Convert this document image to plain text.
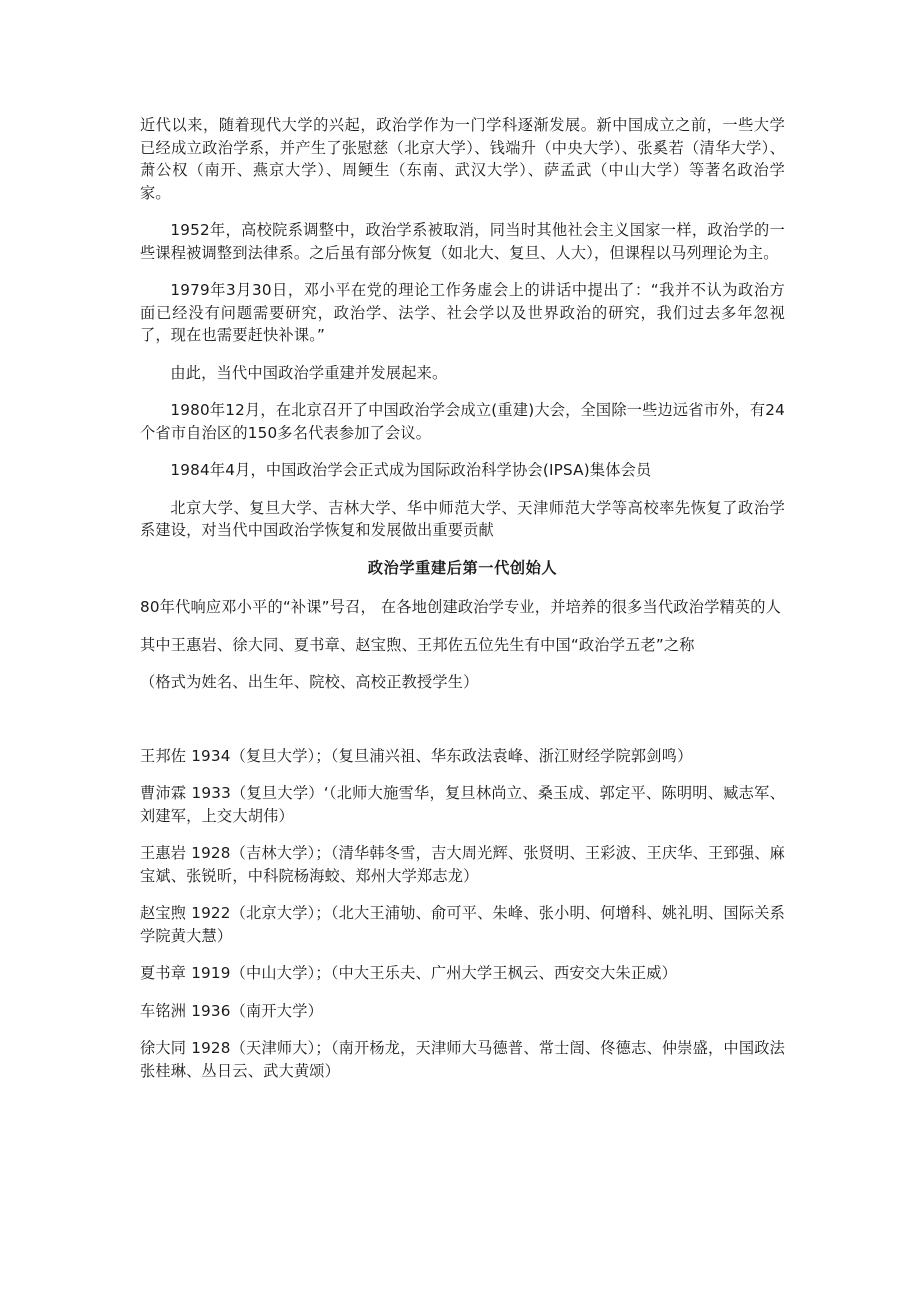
近代以来，随着现代大学的兴起，政治学作为一门学科逐渐发展。新中国成立之前，一些大学已经成立政治学系，并产生了张慰慈（北京大学）、钱端升（中央大学）、张奚若（清华大学）、萧公权（南开、燕京大学）、周鲠生（东南、武汉大学）、萨孟武（中山大学）等著名政治学家。

1952年，高校院系调整中，政治学系被取消，同当时其他社会主义国家一样，政治学的一些课程被调整到法律系。之后虽有部分恢复（如北大、复旦、人大），但课程以马列理论为主。

1979年3月30日，邓小平在党的理论工作务虚会上的讲话中提出了：“我并不认为政治方面已经没有问题需要研究，政治学、法学、社会学以及世界政治的研究，我们过去多年忽视了，现在也需要赶快补课。”

由此，当代中国政治学重建并发展起来。

1980年12月，在北京召开了中国政治学会成立(重建)大会，全国除一些边远省市外，有24个省市自治区的150多名代表参加了会议。

1984年4月，中国政治学会正式成为国际政治科学协会(IPSA)集体会员

北京大学、复旦大学、吉林大学、华中师范大学、天津师范大学等高校率先恢复了政治学系建设，对当代中国政治学恢复和发展做出重要贡献

政治学重建后第一代创始人

80年代响应邓小平的“补课”号召， 在各地创建政治学专业，并培养的很多当代政治学精英的人

其中王惠岩、徐大同、夏书章、赵宝煦、王邦佐五位先生有中国“政治学五老”之称

（格式为姓名、出生年、院校、高校正教授学生）

王邦佐 1934（复旦大学）；（复旦浦兴祖、华东政法袁峰、浙江财经学院郭剑鸣）

曹沛霖 1933（复旦大学）‘（北师大施雪华，复旦林尚立、桑玉成、郭定平、陈明明、臧志军、刘建军，上交大胡伟）

王惠岩 1928（吉林大学）；（清华韩冬雪，吉大周光辉、张贤明、王彩波、王庆华、王郅强、麻宝斌、张锐昕，中科院杨海蛟、郑州大学郑志龙）

赵宝煦 1922（北京大学）；（北大王浦劬、俞可平、朱峰、张小明、何增科、姚礼明、国际关系学院黄大慧）

夏书章 1919（中山大学）；（中大王乐夫、广州大学王枫云、西安交大朱正威）

车铭洲 1936（南开大学）

徐大同 1928（天津师大）；（南开杨龙，天津师大马德普、常士訚、佟德志、仲崇盛，中国政法张桂琳、丛日云、武大黄颂）
